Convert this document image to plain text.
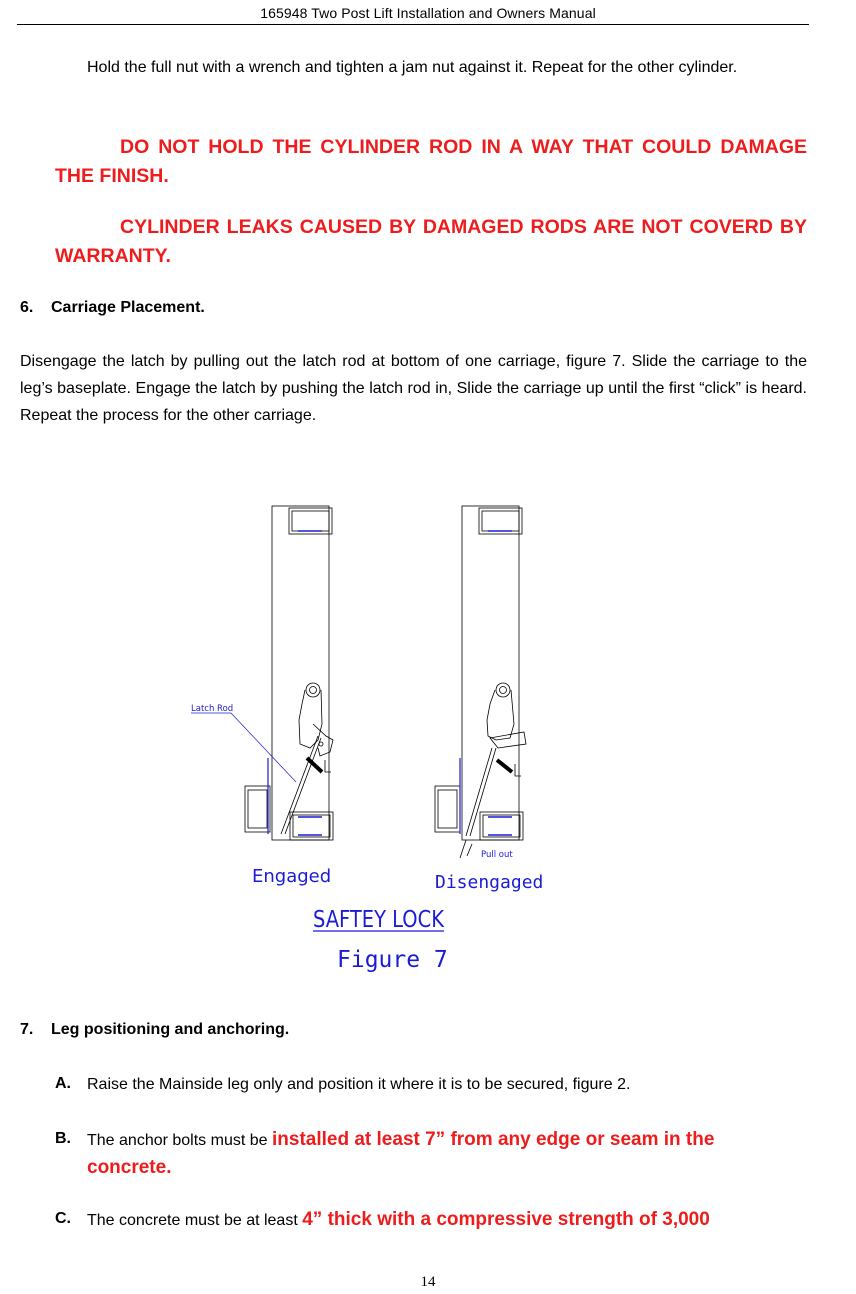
165948 Two Post Lift Installation and Owners Manual
Hold the full nut with a wrench and tighten a jam nut against it. Repeat for the other cylinder.
DO NOT HOLD THE CYLINDER ROD IN A WAY THAT COULD DAMAGE THE FINISH.
CYLINDER LEAKS CAUSED BY DAMAGED RODS ARE NOT COVERD BY WARRANTY.
6. Carriage Placement.
Disengage the latch by pulling out the latch rod at bottom of one carriage, figure 7. Slide the carriage to the leg’s baseplate. Engage the latch by pushing the latch rod in, Slide the carriage up until the first “click” is heard. Repeat the process for the other carriage.
Latch Rod
Pull out
Engaged	Disengaged
SAFTEY LOCK
Figure 7
7. Leg positioning and anchoring.
A. Raise the Mainside leg only and position it where it is to be secured, figure 2.
B. The anchor bolts must be installed at least 7” from any edge or seam in the concrete.
C. The concrete must be at least 4” thick with a compressive strength of 3,000
14
